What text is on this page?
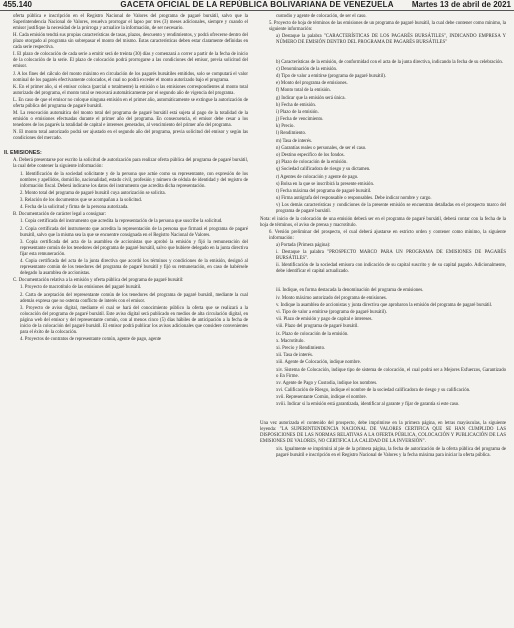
455.140	GACETA OFICIAL DE LA REPÚBLICA BOLIVARIANA DE VENEZUELA	Martes 13 de abril de 2021
oferta pública e inscripción en el Registro Nacional de Valores del programa de pagaré bursátil, salvo que la Superintendencia Nacional de Valores, resuelva prorrogar el lapso por tres (3) meses adicionales, siempre y cuando el emisor justifique la necesidad de la prórroga y actualice la información, de ser necesario.
H. Cada emisión tendrá sus propias características de tasas, plazos, descuento y rendimientos, y podrá ofrecerse dentro del plazo otorgado al programa sin sobrepasar el monto del mismo. Estas características deben estar claramente definidas en cada serie respectiva.
I. El plazo de colocación de cada serie a emitir será de treinta (30) días y comenzará a correr a partir de la fecha de inicio de la colocación de la serie. El plazo de colocación podrá prorrogarse a las condiciones del emisor, previa solicitud del emisor.
J. A los fines del cálculo del monto máximo en circulación de los pagarés bursátiles emitidos, solo se computará el valor nominal de los pagarés efectivamente colocados, el cual no podrá exceder el monto autorizado bajo el programa.
K. En el primer año, si el emisor coloca (parcial o totalmente) la emisión o las emisiones correspondientes al monto total autorizado del programa, el monto total se renovará automáticamente por el segundo año de vigencia del programa.
L. En caso de que el emisor no coloque ninguna emisión en el primer año, automáticamente se extingue la autorización de oferta pública del programa de pagaré bursátil.
M. La renovación automática del monto total del programa de pagaré bursátil está sujeta al pago de la totalidad de la emisión o emisiones efectuadas durante el primer año del programa. En consecuencia, el emisor debe cesar a los tenedores de los pagarés la totalidad de capital e intereses generados, al vencimiento del primer año del programa.
N. El monto total autorizado podrá ser ajustado en el segundo año del programa, previa solicitud del emisor y según las condiciones del mercado.
II. EMISIONES:
A. Deberá presentarse por escrito la solicitud de autorización para realizar oferta pública del programa de pagaré bursátil, la cual debe contener la siguiente información:
1. Identificación de la sociedad solicitante y de la persona que actúe como su representante, con expresión de los nombres y apellidos, domicilio, nacionalidad, estado civil, profesión y número de cédula de identidad y del registro de información fiscal. Deberá indicarse los datos del instrumento que acredita dicha representación.
2. Monto total del programa de pagaré bursátil cuya autorización se solicita.
3. Relación de los documentos que se acompañan a la solicitud.
4. Fecha de la solicitud y firma de la persona autorizada.
B. Documentación de carácter legal a consignar:
1. Copia certificada del instrumento que acredita la representación de la persona que suscribe la solicitud.
2. Copia certificada del instrumento que acredita la representación de la persona que firmará el programa de pagaré bursátil, salvo que la misma sea la que se encuentre consignada en el Registro Nacional de Valores.
3. Copia certificada del acta de la asamblea de accionistas que aprobó la emisión y fijó la remuneración del representante común de los tenedores del programa de pagaré bursátil, salvo que hubiere delegado en la junta directiva fijar esta remuneración.
4. Copia certificada del acta de la junta directiva que acordó los términos y condiciones de la emisión, designó al representante común de los tenedores del programa de pagaré bursátil y fijó su remuneración, en caso de habérsele delegado la asamblea de accionistas.
C. Documentación relativa a la emisión y oferta pública del programa de pagaré bursátil:
1. Proyecto de macrotítulo de las emisiones del pagaré bursátil.
2. Carta de aceptación del representante común de los tenedores del programa de pagaré bursátil, mediante la cual además expresa que no ostenta conflicto de interés con el emisor.
3. Proyecto de aviso digital, mediante el cual se hará del conocimiento público la oferta que se realizará a la colocación del programa de pagaré bursátil. Este aviso digital será publicado en medios de alta circulación digital, en página web del emisor y del representante común, con al menos cinco (5) días hábiles de anticipación a la fecha de inicio de la colocación del pagaré bursátil. El emisor podrá publicar los avisos adicionales que considere convenientes para el éxito de la colocación.
4. Proyectos de contratos de representante común, agente de pago, agente
custodio y agente de colocación, de ser el caso.
5. Proyecto de hoja de términos de las emisiones de un programa de pagaré bursátil, la cual debe contener como mínimo, la siguiente información:
a) Destaque la palabra "CARACTERÍSTICAS DE LOS PAGARÉS BURSÁTILES", INDICANDO EMPRESA Y NÚMERO DE EMISIÓN DENTRO DEL PROGRAMA DE PAGARÉS BURSÁTILES"
b) Características de la emisión, de conformidad con el acta de la junta directiva, indicando la fecha de su celebración.
c) Denominación de la emisión.
d) Tipo de valor a emitirse (programa de pagaré bursátil).
e) Monto del programa de emisiones.
f) Monto total de la emisión.
g) Indicar que la emisión será única.
h) Fecha de emisión.
i) Plazo de la emisión.
j) Fecha de vencimiento.
k) Precio.
l) Rendimiento.
m) Tasa de interés.
n) Garantías reales o personales, de ser el caso.
o) Destino específico de los fondos.
p) Plazo de colocación de la emisión.
q) Sociedad calificadora de riesgo y su dictamen.
r) Agentes de colocación y agente de pago.
s) Bolsa en la que se inscribirá la presente emisión.
t) Fecha máxima del programa de pagaré bursátil.
u) Firma autógrafa del responsable o responsables. Debe indicar nombre y cargo.
v) Los demás características y condiciones de la presente emisión se encuentran detalladas en el prospecto marco del programa de pagaré bursátil.
Nota: el inicio de la colocación de una emisión deberá ser en el programa de pagaré bursátil, deberá contar con la fecha de la hoja de términos, el aviso de prensa y macrotítulo.
6. Versión preliminar del prospecto, el cual deberá ajustarse en estricto orden y contener como mínimo, la siguiente información:
a) Portada (Primera página):
i. Destaque la palabra "PROSPECTO MARCO PARA UN PROGRAMA DE EMISIONES DE PAGARÉS BURSÁTILES".
ii. Identificación de la sociedad emisora con indicación de su capital suscrito y de su capital pagado. Adicionalmente, debe identificar el capital actualizado.
iii. Indique, en forma destacada la denominación del programa de emisiones.
iv. Monto máximo autorizado del programa de emisiones.
v. Indique la asamblea de accionistas y junta directiva que aprobaron la emisión del programa de pagaré bursátil.
vi. Tipo de valor a emitirse (programa de pagaré bursátil).
vii. Plazo de emisión y pago de capital e intereses.
viii. Plazo del programa de pagaré bursátil.
ix. Plazo de colocación de la emisión.
x. Macrotítulo.
xi. Precio y Rendimiento.
xii. Tasa de interés.
xiii. Agente de Colocación, indique nombre.
xiv. Sistema de Colocación, indique tipo de sistema de colocación, el cual podrá ser a Mejores Esfuerzos, Garantizado o En Firme.
xv. Agente de Pago y Custodia, indique los nombres.
xvi. Calificación de Riesgo, indique el nombre de la sociedad calificadora de riesgo y su calificación.
xvii. Representante Común, indique el nombre.
xviii. Indicar si la emisión está garantizada, identificar al garante y fijar de garantía si este caso.
Una vez autorizada el contenido del prospecto, debe imprimirse en la primera página, en letras mayúsculas, la siguiente leyenda: "LA SUPERINTENDENCIA NACIONAL DE VALORES CERTIFICA QUE SE HAN CUMPLIDO LAS DISPOSICIONES DE LAS NORMAS RELATIVAS A LA OFERTA PÚBLICA, COLOCACIÓN Y PUBLICACIÓN DE LAS EMISIONES DE VALORES, NO CERTIFICA LA CALIDAD DE LA INVERSIÓN".
xix. Igualmente se imprimirá al pie de la primera página, la fecha de autorización de la oferta pública del programa de pagaré bursátil e inscripción en el Registro Nacional de Valores y la fecha máxima para iniciar la oferta pública.
